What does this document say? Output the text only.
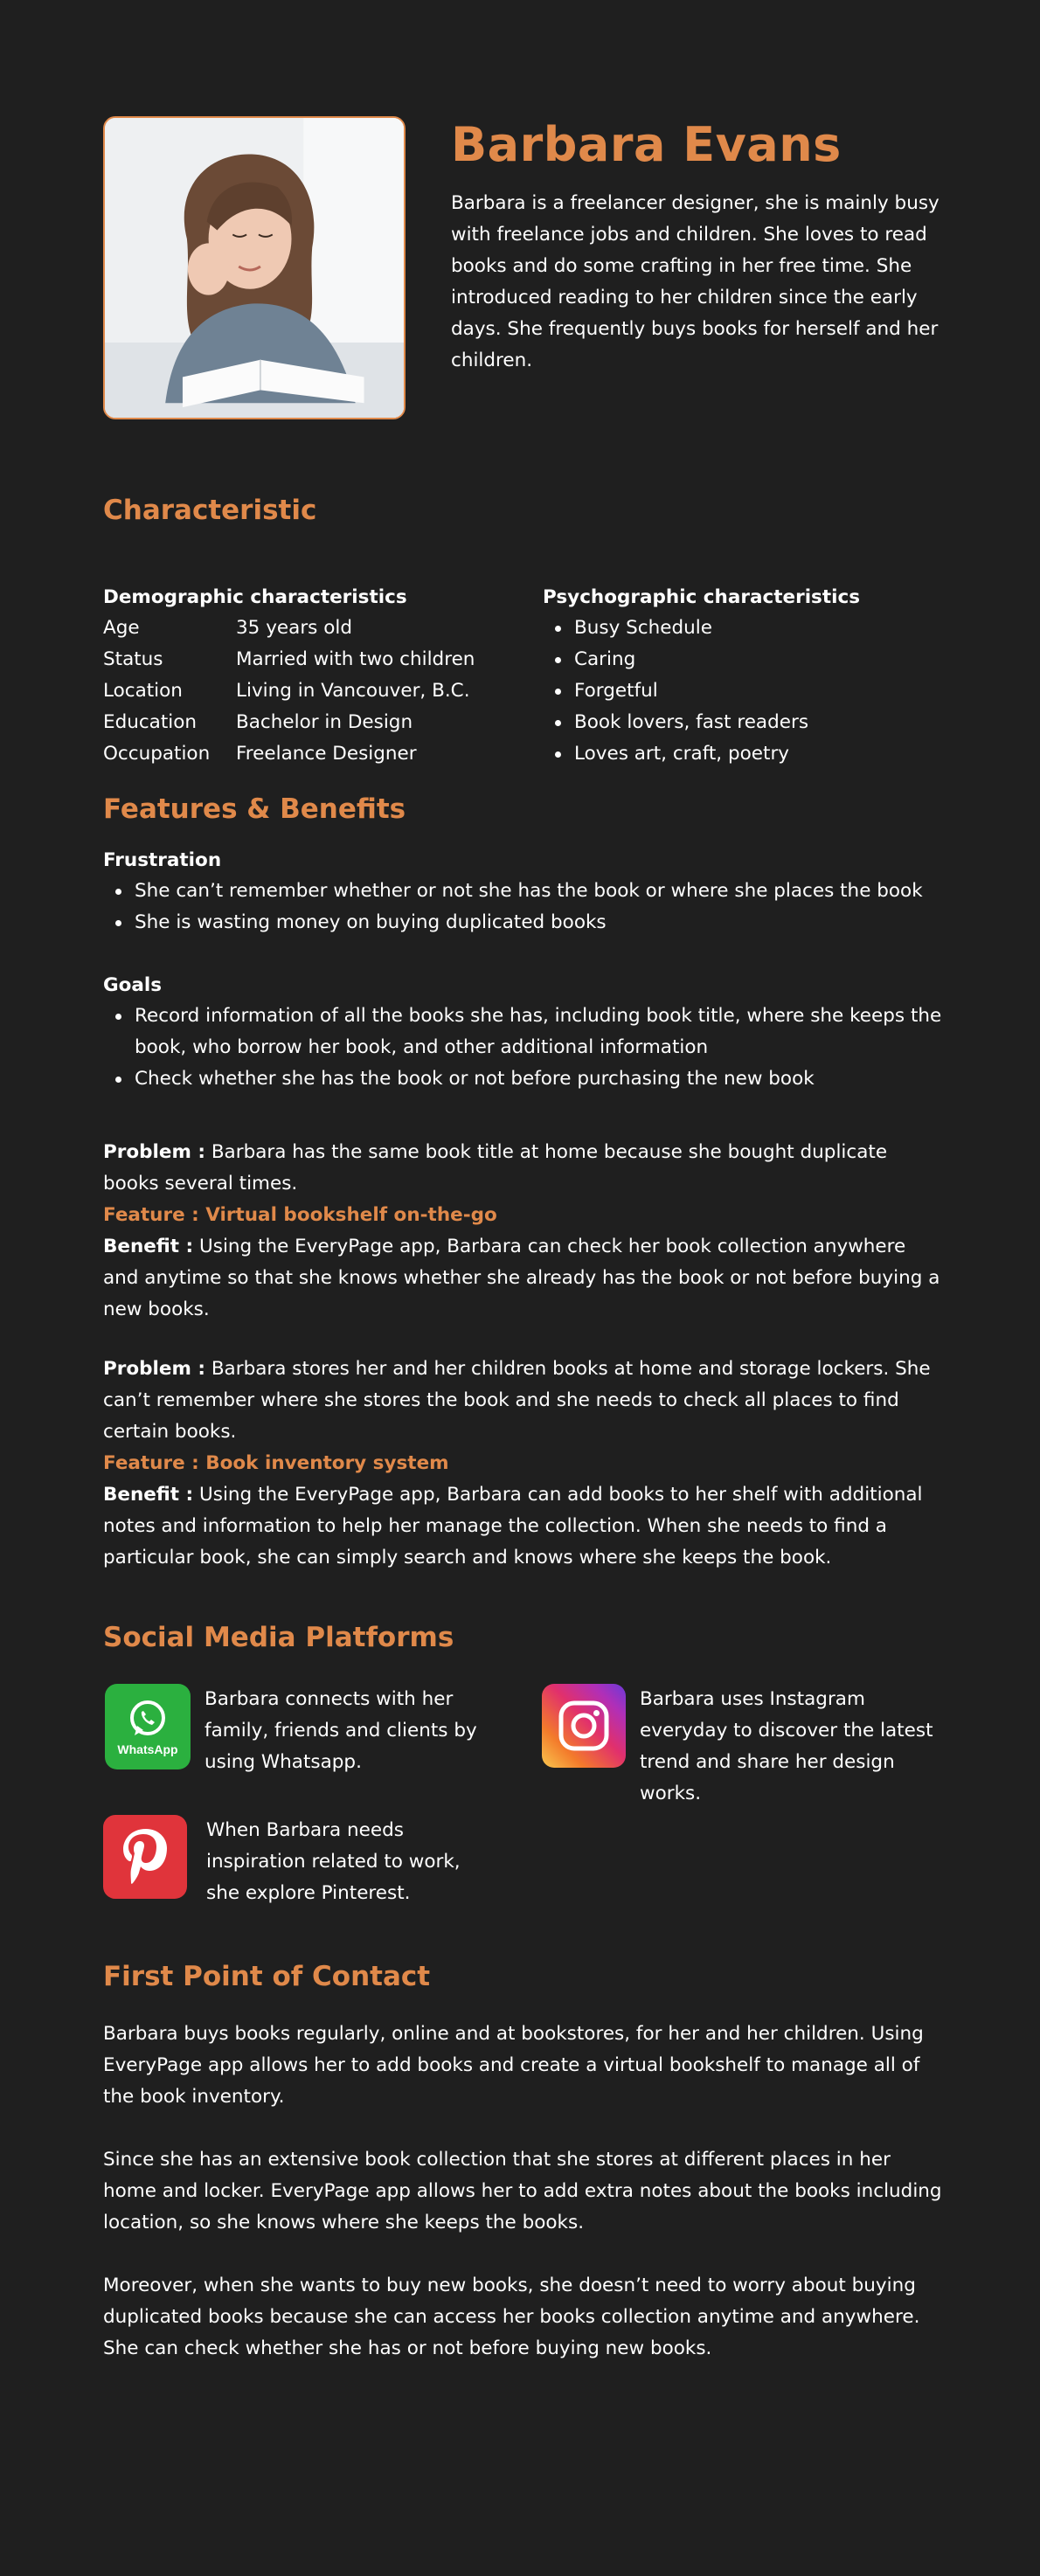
Barbara Evans
Barbara is a freelancer designer, she is mainly busy with freelance jobs and children. She loves to read books and do some crafting in her free time. She introduced reading to her children since the early days. She frequently buys books for herself and her children.
Characteristic
Demographic characteristics
Age	35 years old
Status	Married with two children
Location	Living in Vancouver, B.C.
Education	Bachelor in Design
Occupation	Freelance Designer
Psychographic characteristics
Busy Schedule
Caring
Forgetful
Book lovers, fast readers
Loves art, craft, poetry
Features & Benefits
Frustration
She can’t remember whether or not she has the book or where she places the book
She is wasting money on buying duplicated books
Goals
Record information of all the books she has, including book title, where she keeps the book, who borrow her book, and other additional information
Check whether she has the book or not before purchasing the new book
Problem : Barbara has the same book title at home because she bought duplicate books several times.
Feature : Virtual bookshelf on-the-go
Benefit : Using the EveryPage app, Barbara can check her book collection anywhere and anytime so that she knows whether she already has the book or not before buying a new books.
Problem : Barbara stores her and her children books at home and storage lockers. She can’t remember where she stores the book and she needs to check all places to find certain books.
Feature : Book inventory system
Benefit : Using the EveryPage app, Barbara can add books to her shelf with additional notes and information to help her manage the collection. When she needs to find a particular book, she can simply search and knows where she keeps the book.
Social Media Platforms
WhatsApp
Barbara connects with her family, friends and clients by using Whatsapp.
Barbara uses Instagram everyday to discover the latest trend and share her design works.
When Barbara needs inspiration related to work, she explore Pinterest.
First Point of Contact
Barbara buys books regularly, online and at bookstores, for her and her children. Using EveryPage app allows her to add books and create a virtual bookshelf to manage all of the book inventory.
Since she has an extensive book collection that she stores at different places in her home and locker. EveryPage app allows her to add extra notes about the books including location, so she knows where she keeps the books.
Moreover, when she wants to buy new books, she doesn’t need to worry about buying duplicated books because she can access her books collection anytime and anywhere. She can check whether she has or not before buying new books.
